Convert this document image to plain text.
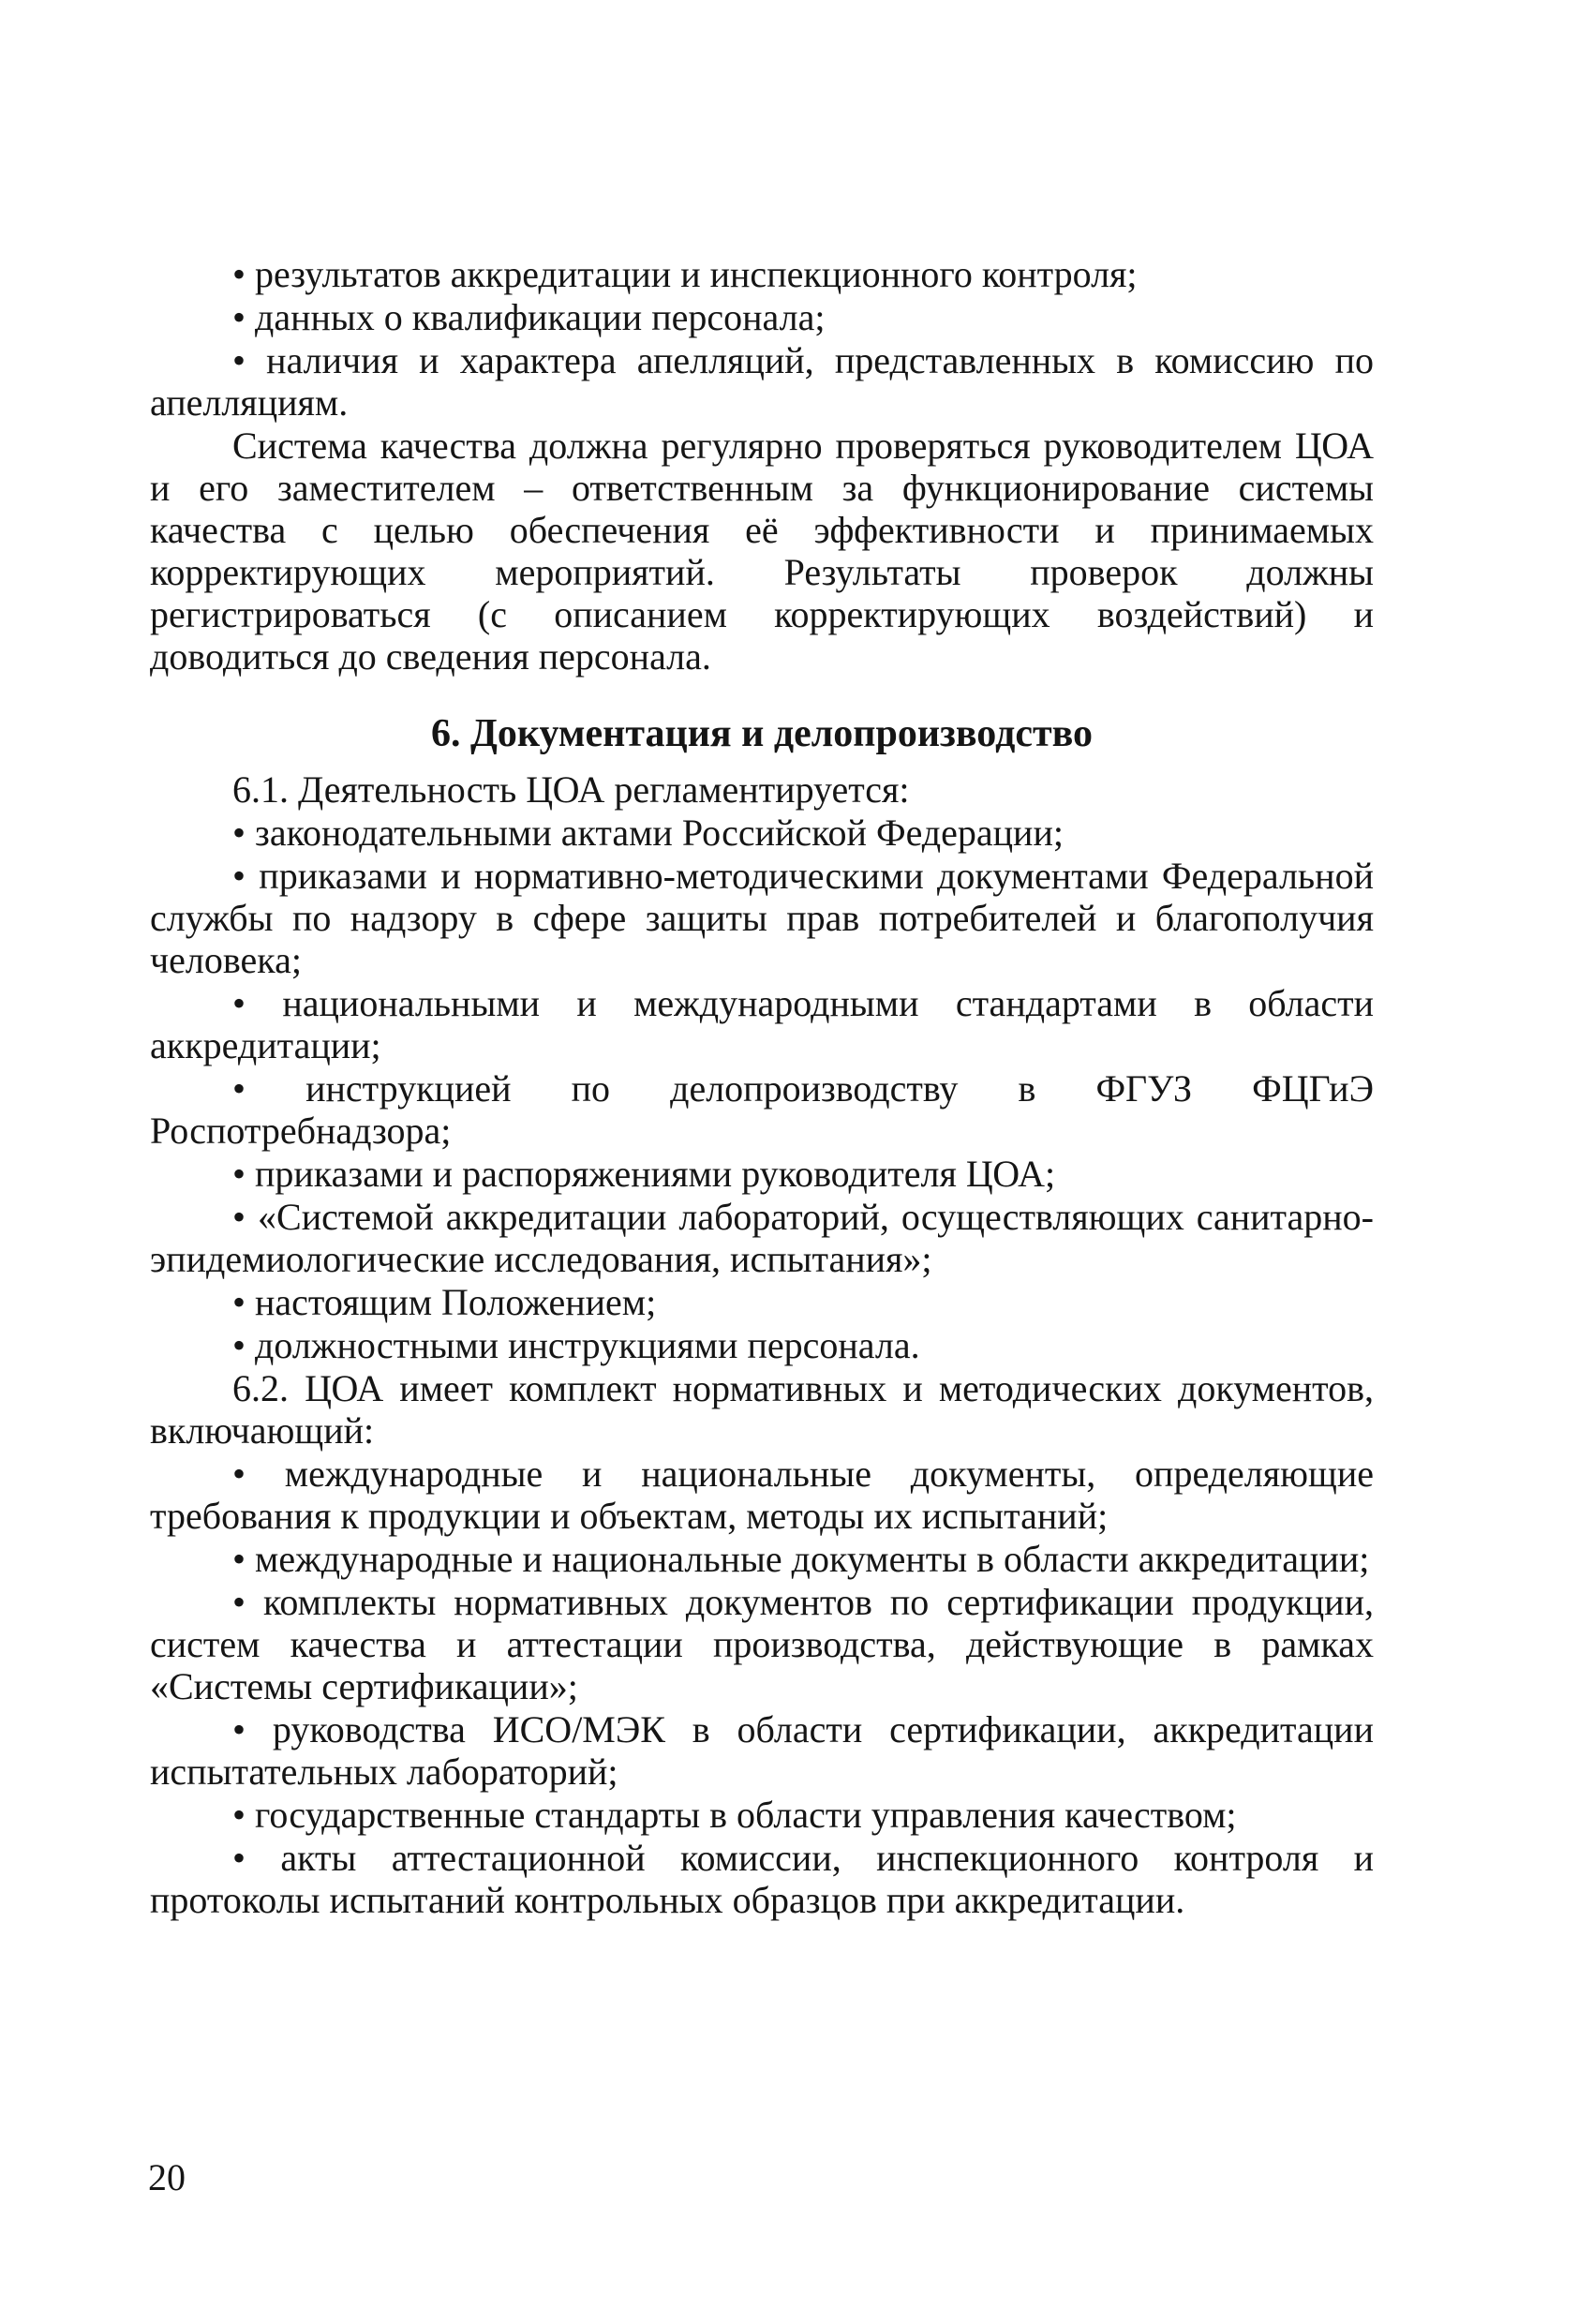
• результатов аккредитации и инспекционного контроля;

• данных о квалификации персонала;

• наличия и характера апелляций, представленных в комиссию по апелляциям.

Система качества должна регулярно проверяться руководителем ЦОА и его заместителем – ответственным за функционирование системы качества с целью обеспечения её эффективности и принимаемых корректирующих мероприятий. Результаты проверок должны регистрироваться (с описанием корректирующих воздействий) и доводиться до сведения персонала.

6. Документация и делопроизводство

6.1. Деятельность ЦОА регламентируется:

• законодательными актами Российской Федерации;

• приказами и нормативно-методическими документами Федеральной службы по надзору в сфере защиты прав потребителей и благополучия человека;

• национальными и международными стандартами в области аккредитации;

• инструкцией по делопроизводству в ФГУЗ ФЦГиЭ Роспотребнадзора;

• приказами и распоряжениями руководителя ЦОА;

• «Системой аккредитации лабораторий, осуществляющих санитарно-эпидемиологические исследования, испытания»;

• настоящим Положением;

• должностными инструкциями персонала.

6.2. ЦОА имеет комплект нормативных и методических документов, включающий:

• международные и национальные документы, определяющие требования к продукции и объектам, методы их испытаний;

• международные и национальные документы в области аккредитации;

• комплекты нормативных документов по сертификации продукции, систем качества и аттестации производства, действующие в рамках «Системы сертификации»;

• руководства ИСО/МЭК в области сертификации, аккредитации испытательных лабораторий;

• государственные стандарты в области управления качеством;

• акты аттестационной комиссии, инспекционного контроля и протоколы испытаний контрольных образцов при аккредитации.

20
